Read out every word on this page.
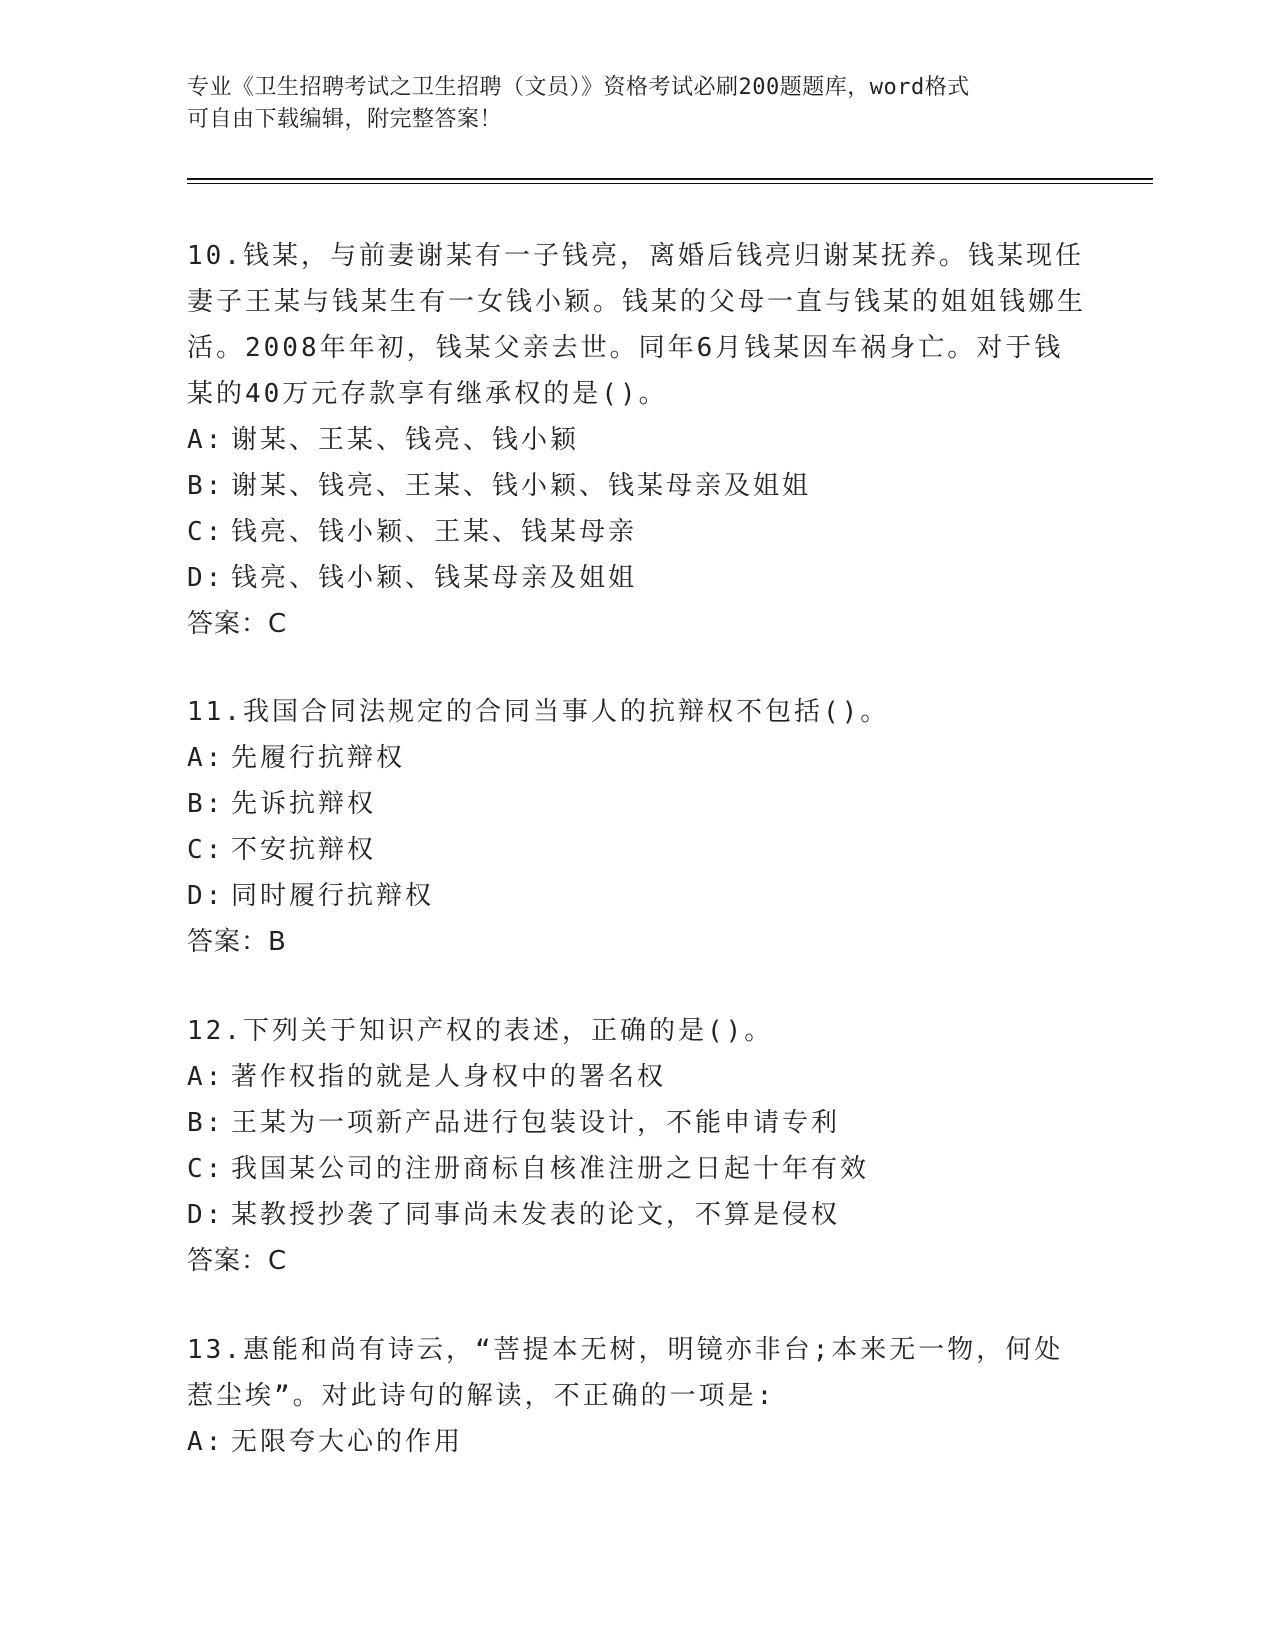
专业《卫生招聘考试之卫生招聘（文员）》资格考试必刷200题题库，word格式
可自由下载编辑，附完整答案！

10.钱某，与前妻谢某有一子钱亮，离婚后钱亮归谢某抚养。钱某现任妻子王某与钱某生有一女钱小颖。钱某的父母一直与钱某的姐姐钱娜生活。2008年年初，钱某父亲去世。同年6月钱某因车祸身亡。对于钱某的40万元存款享有继承权的是()。

A: 谢某、王某、钱亮、钱小颖

B: 谢某、钱亮、王某、钱小颖、钱某母亲及姐姐

C: 钱亮、钱小颖、王某、钱某母亲

D: 钱亮、钱小颖、钱某母亲及姐姐

答案：C

11.我国合同法规定的合同当事人的抗辩权不包括()。

A: 先履行抗辩权

B: 先诉抗辩权

C: 不安抗辩权

D: 同时履行抗辩权

答案：B

12.下列关于知识产权的表述，正确的是()。

A: 著作权指的就是人身权中的署名权

B: 王某为一项新产品进行包装设计，不能申请专利

C: 我国某公司的注册商标自核准注册之日起十年有效

D: 某教授抄袭了同事尚未发表的论文，不算是侵权

答案：C

13.惠能和尚有诗云，“菩提本无树，明镜亦非台;本来无一物，何处惹尘埃”。对此诗句的解读，不正确的一项是:

A: 无限夸大心的作用
